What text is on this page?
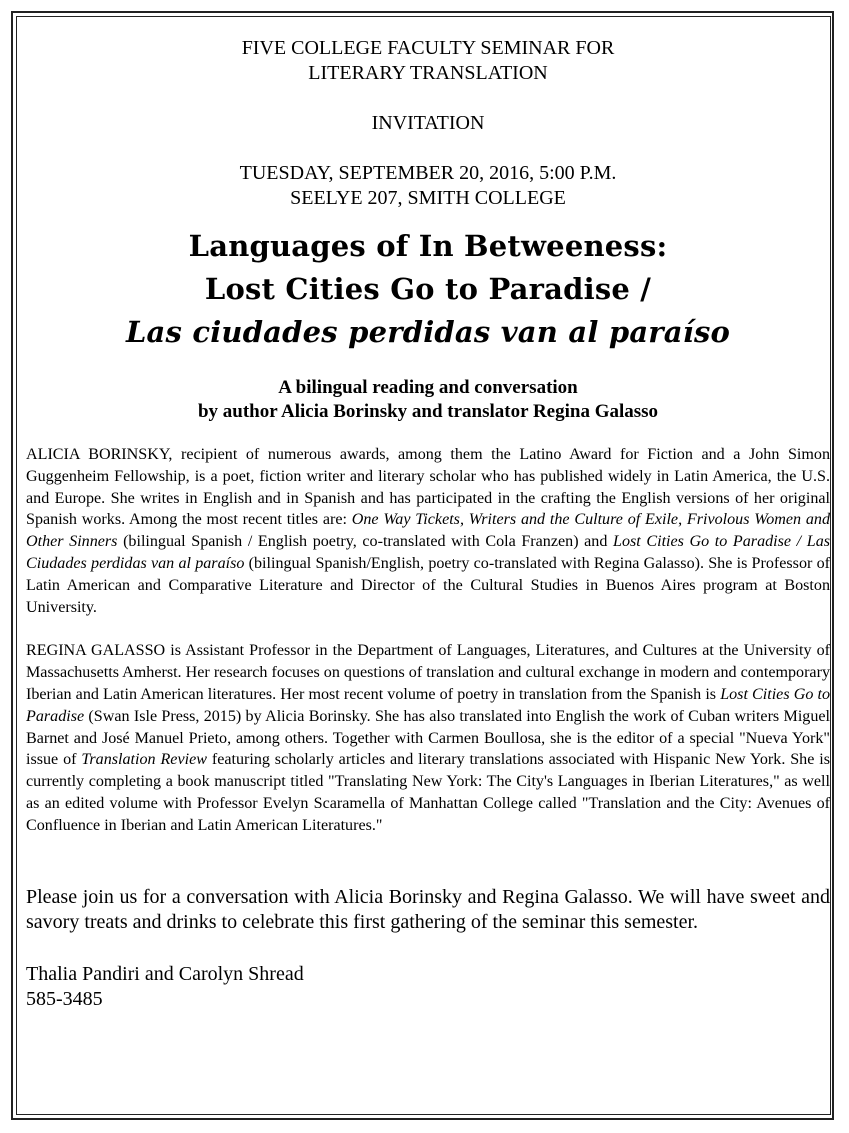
FIVE COLLEGE FACULTY SEMINAR FOR
LITERARY TRANSLATION
INVITATION
TUESDAY, SEPTEMBER 20, 2016, 5:00 P.M.
SEELYE 207, SMITH COLLEGE
Languages of In Betweeness:
Lost Cities Go to Paradise /
Las ciudades perdidas van al paraíso
A bilingual reading and conversation
by author Alicia Borinsky and translator Regina Galasso

ALICIA BORINSKY, recipient of numerous awards, among them the Latino Award for Fiction and a John Simon Guggenheim Fellowship, is a poet, fiction writer and literary scholar who has published widely in Latin America, the U.S. and Europe. She writes in English and in Spanish and has participated in the crafting the English versions of her original Spanish works. Among the most recent titles are: One Way Tickets, Writers and the Culture of Exile, Frivolous Women and Other Sinners (bilingual Spanish / English poetry, co-translated with Cola Franzen) and Lost Cities Go to Paradise / Las Ciudades perdidas van al paraíso (bilingual Spanish/English, poetry co-translated with Regina Galasso). She is Professor of Latin American and Comparative Literature and Director of the Cultural Studies in Buenos Aires program at Boston University.

REGINA GALASSO is Assistant Professor in the Department of Languages, Literatures, and Cultures at the University of Massachusetts Amherst. Her research focuses on questions of translation and cultural exchange in modern and contemporary Iberian and Latin American literatures. Her most recent volume of poetry in translation from the Spanish is Lost Cities Go to Paradise (Swan Isle Press, 2015) by Alicia Borinsky. She has also translated into English the work of Cuban writers Miguel Barnet and José Manuel Prieto, among others. Together with Carmen Boullosa, she is the editor of a special "Nueva York" issue of Translation Review featuring scholarly articles and literary translations associated with Hispanic New York. She is currently completing a book manuscript titled "Translating New York: The City's Languages in Iberian Literatures," as well as an edited volume with Professor Evelyn Scaramella of Manhattan College called "Translation and the City: Avenues of Confluence in Iberian and Latin American Literatures."

Please join us for a conversation with Alicia Borinsky and Regina Galasso. We will have sweet and savory treats and drinks to celebrate this first gathering of the seminar this semester.

Thalia Pandiri and Carolyn Shread
585-3485
